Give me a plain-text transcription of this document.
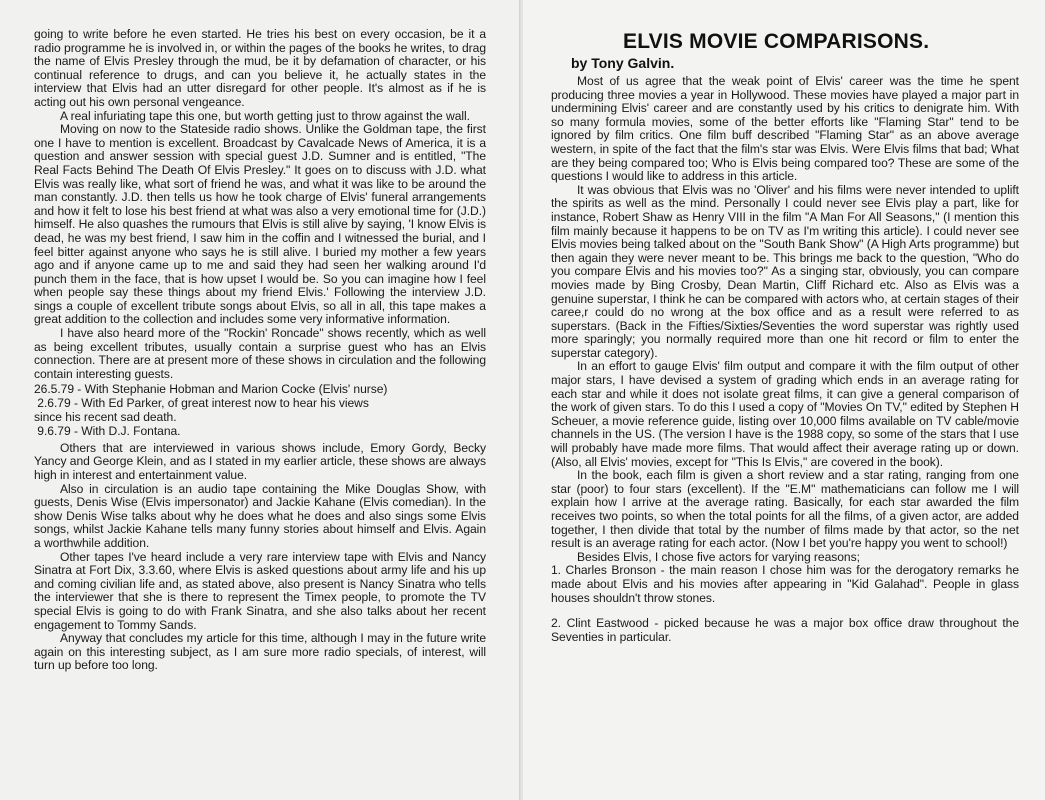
going to write before he even started. He tries his best on every occasion, be it a radio programme he is involved in, or within the pages of the books he writes, to drag the name of Elvis Presley through the mud, be it by defamation of character, or his continual reference to drugs, and can you believe it, he actually states in the interview that Elvis had an utter disregard for other people. It's almost as if he is acting out his own personal vengeance.

A real infuriating tape this one, but worth getting just to throw against the wall.

Moving on now to the Stateside radio shows. Unlike the Goldman tape, the first one I have to mention is excellent. Broadcast by Cavalcade News of America, it is a question and answer session with special guest J.D. Sumner and is entitled, "The Real Facts Behind The Death Of Elvis Presley." It goes on to discuss with J.D. what Elvis was really like, what sort of friend he was, and what it was like to be around the man constantly. J.D. then tells us how he took charge of Elvis' funeral arrangements and how it felt to lose his best friend at what was also a very emotional time for (J.D.) himself. He also quashes the rumours that Elvis is still alive by saying, 'I know Elvis is dead, he was my best friend, I saw him in the coffin and I witnessed the burial, and I feel bitter against anyone who says he is still alive. I buried my mother a few years ago and if anyone came up to me and said they had seen her walking around I'd punch them in the face, that is how upset I would be. So you can imagine how I feel when people say these things about my friend Elvis.' Following the interview J.D. sings a couple of excellent tribute songs about Elvis, so all in all, this tape makes a great addition to the collection and includes some very informative information.

I have also heard more of the "Rockin' Roncade" shows recently, which as well as being excellent tributes, usually contain a surprise guest who has an Elvis connection. There are at present more of these shows in circulation and the following contain interesting guests.

26.5.79 - With Stephanie Hobman and Marion Cocke (Elvis' nurse)
2.6.79 - With Ed Parker, of great interest now to hear his views
since his recent sad death.
9.6.79 - With D.J. Fontana.

Others that are interviewed in various shows include, Emory Gordy, Becky Yancy and George Klein, and as I stated in my earlier article, these shows are always high in interest and entertainment value.

Also in circulation is an audio tape containing the Mike Douglas Show, with guests, Denis Wise (Elvis impersonator) and Jackie Kahane (Elvis comedian). In the show Denis Wise talks about why he does what he does and also sings some Elvis songs, whilst Jackie Kahane tells many funny stories about himself and Elvis. Again a worthwhile addition.

Other tapes I've heard include a very rare interview tape with Elvis and Nancy Sinatra at Fort Dix, 3.3.60, where Elvis is asked questions about army life and his up and coming civilian life and, as stated above, also present is Nancy Sinatra who tells the interviewer that she is there to represent the Timex people, to promote the TV special Elvis is going to do with Frank Sinatra, and she also talks about her recent engagement to Tommy Sands.

Anyway that concludes my article for this time, although I may in the future write again on this interesting subject, as I am sure more radio specials, of interest, will turn up before too long.

ELVIS MOVIE COMPARISONS.
by Tony Galvin.

Most of us agree that the weak point of Elvis' career was the time he spent producing three movies a year in Hollywood. These movies have played a major part in undermining Elvis' career and are constantly used by his critics to denigrate him. With so many formula movies, some of the better efforts like "Flaming Star" tend to be ignored by film critics. One film buff described "Flaming Star" as an above average western, in spite of the fact that the film's star was Elvis. Were Elvis films that bad; What are they being compared too; Who is Elvis being compared too? These are some of the questions I would like to address in this article.

It was obvious that Elvis was no 'Oliver' and his films were never intended to uplift the spirits as well as the mind. Personally I could never see Elvis play a part, like for instance, Robert Shaw as Henry VIII in the film "A Man For All Seasons," (I mention this film mainly because it happens to be on TV as I'm writing this article). I could never see Elvis movies being talked about on the "South Bank Show" (A High Arts programme) but then again they were never meant to be. This brings me back to the question, "Who do you compare Elvis and his movies too?" As a singing star, obviously, you can compare movies made by Bing Crosby, Dean Martin, Cliff Richard etc. Also as Elvis was a genuine superstar, I think he can be compared with actors who, at certain stages of their caree,r could do no wrong at the box office and as a result were referred to as superstars. (Back in the Fifties/Sixties/Seventies the word superstar was rightly used more sparingly; you normally required more than one hit record or film to enter the superstar category).

In an effort to gauge Elvis' film output and compare it with the film output of other major stars, I have devised a system of grading which ends in an average rating for each star and while it does not isolate great films, it can give a general comparison of the work of given stars. To do this I used a copy of "Movies On TV," edited by Stephen H Scheuer, a movie reference guide, listing over 10,000 films available on TV cable/movie channels in the US. (The version I have is the 1988 copy, so some of the stars that I use will probably have made more films. That would affect their average rating up or down. (Also, all Elvis' movies, except for "This Is Elvis," are covered in the book).

In the book, each film is given a short review and a star rating, ranging from one star (poor) to four stars (excellent). If the "E.M" mathematicians can follow me I will explain how I arrive at the average rating. Basically, for each star awarded the film receives two points, so when the total points for all the films, of a given actor, are added together, I then divide that total by the number of films made by that actor, so the net result is an average rating for each actor. (Now I bet you're happy you went to school!)

Besides Elvis, I chose five actors for varying reasons;

1. Charles Bronson - the main reason I chose him was for the derogatory remarks he made about Elvis and his movies after appearing in "Kid Galahad". People in glass houses shouldn't throw stones.

2. Clint Eastwood - picked because he was a major box office draw throughout the Seventies in particular.
